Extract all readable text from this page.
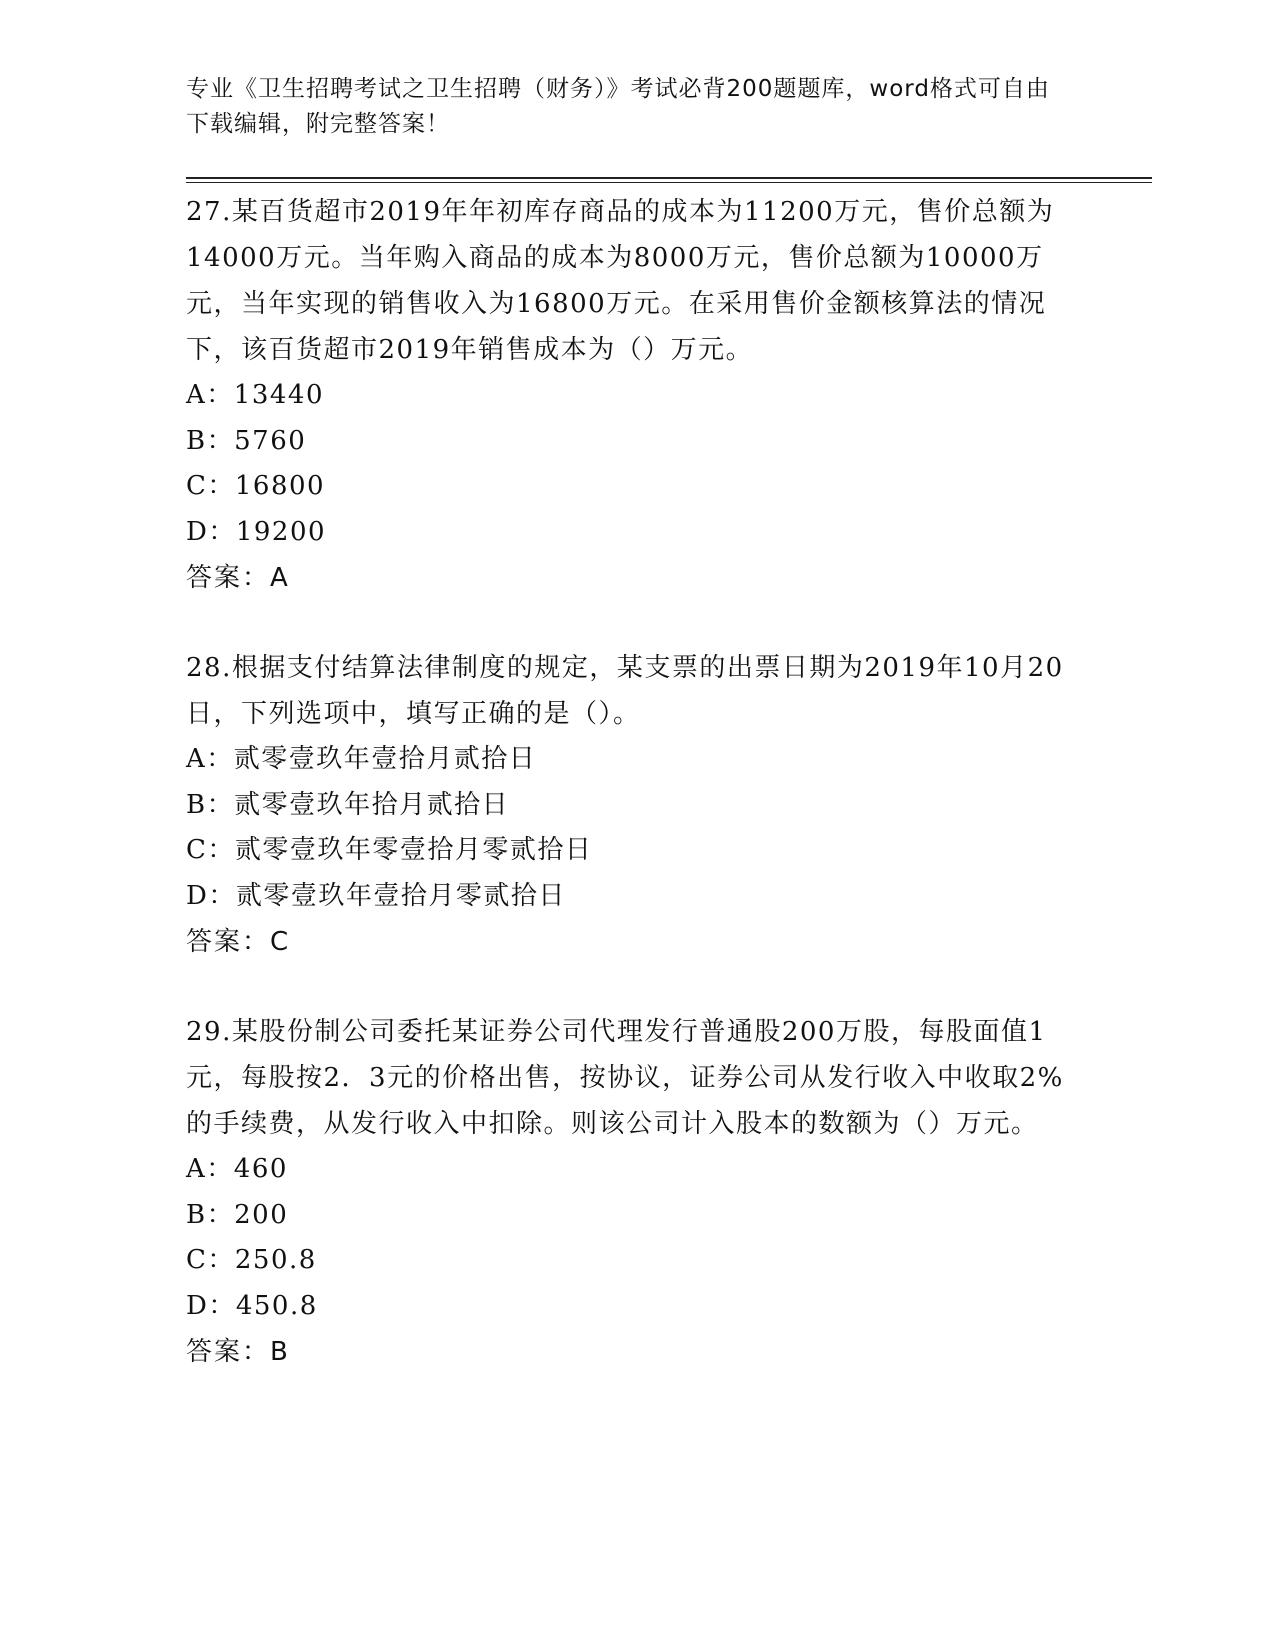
专业《卫生招聘考试之卫生招聘（财务）》考试必背200题题库，word格式可自由下载编辑，附完整答案！

27.某百货超市2019年年初库存商品的成本为11200万元，售价总额为14000万元。当年购入商品的成本为8000万元，售价总额为10000万元，当年实现的销售收入为16800万元。在采用售价金额核算法的情况下，该百货超市2019年销售成本为（）万元。

A：13440

B：5760

C：16800

D：19200

答案：A

28.根据支付结算法律制度的规定，某支票的出票日期为2019年10月20日，下列选项中，填写正确的是（）。

A：贰零壹玖年壹拾月贰拾日

B：贰零壹玖年拾月贰拾日

C：贰零壹玖年零壹拾月零贰拾日

D：贰零壹玖年壹拾月零贰拾日

答案：C

29.某股份制公司委托某证券公司代理发行普通股200万股，每股面值1元，每股按2．3元的价格出售，按协议，证券公司从发行收入中收取2%的手续费，从发行收入中扣除。则该公司计入股本的数额为（）万元。

A：460

B：200

C：250.8

D：450.8

答案：B
